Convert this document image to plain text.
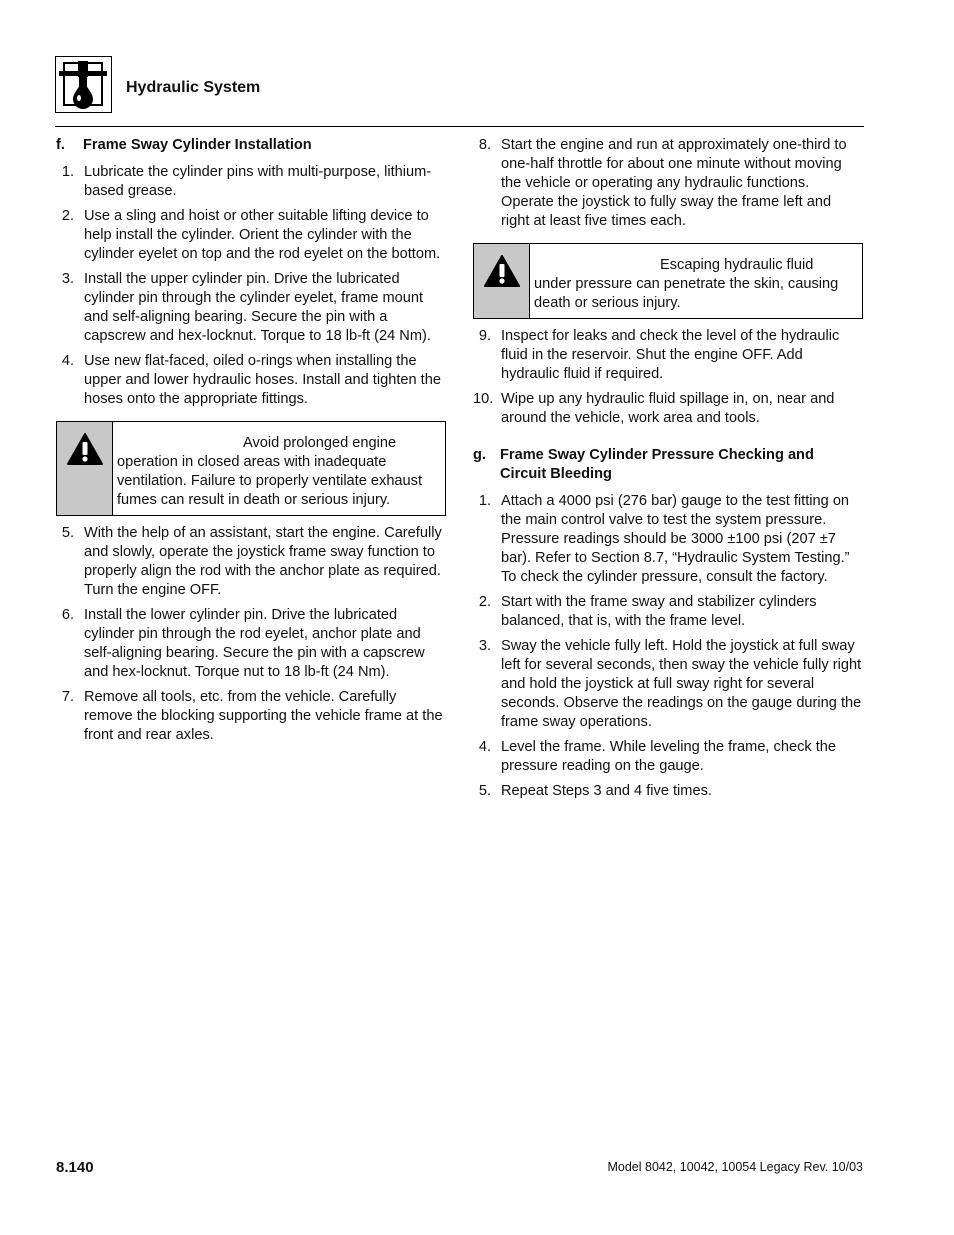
Hydraulic System
f.	Frame Sway Cylinder Installation
1. Lubricate the cylinder pins with multi-purpose, lithium-based grease.
2. Use a sling and hoist or other suitable lifting device to help install the cylinder. Orient the cylinder with the cylinder eyelet on top and the rod eyelet on the bottom.
3. Install the upper cylinder pin. Drive the lubricated cylinder pin through the cylinder eyelet, frame mount and self-aligning bearing. Secure the pin with a capscrew and hex-locknut. Torque to 18 lb-ft (24 Nm).
4. Use new flat-faced, oiled o-rings when installing the upper and lower hydraulic hoses. Install and tighten the hoses onto the appropriate fittings.
Avoid prolonged engine operation in closed areas with inadequate ventilation. Failure to properly ventilate exhaust fumes can result in death or serious injury.
5. With the help of an assistant, start the engine. Carefully and slowly, operate the joystick frame sway function to properly align the rod with the anchor plate as required. Turn the engine OFF.
6. Install the lower cylinder pin. Drive the lubricated cylinder pin through the rod eyelet, anchor plate and self-aligning bearing. Secure the pin with a capscrew and hex-locknut. Torque nut to 18 lb-ft (24 Nm).
7. Remove all tools, etc. from the vehicle. Carefully remove the blocking supporting the vehicle frame at the front and rear axles.
8. Start the engine and run at approximately one-third to one-half throttle for about one minute without moving the vehicle or operating any hydraulic functions. Operate the joystick to fully sway the frame left and right at least five times each.
Escaping hydraulic fluid under pressure can penetrate the skin, causing death or serious injury.
9. Inspect for leaks and check the level of the hydraulic fluid in the reservoir. Shut the engine OFF. Add hydraulic fluid if required.
10. Wipe up any hydraulic fluid spillage in, on, near and around the vehicle, work area and tools.
g. Frame Sway Cylinder Pressure Checking and Circuit Bleeding
1. Attach a 4000 psi (276 bar) gauge to the test fitting on the main control valve to test the system pressure. Pressure readings should be 3000 ±100 psi (207 ±7 bar). Refer to Section 8.7, “Hydraulic System Testing.” To check the cylinder pressure, consult the factory.
2. Start with the frame sway and stabilizer cylinders balanced, that is, with the frame level.
3. Sway the vehicle fully left. Hold the joystick at full sway left for several seconds, then sway the vehicle fully right and hold the joystick at full sway right for several seconds. Observe the readings on the gauge during the frame sway operations.
4. Level the frame. While leveling the frame, check the pressure reading on the gauge.
5. Repeat Steps 3 and 4 five times.
8.140	Model 8042, 10042, 10054 Legacy Rev. 10/03
